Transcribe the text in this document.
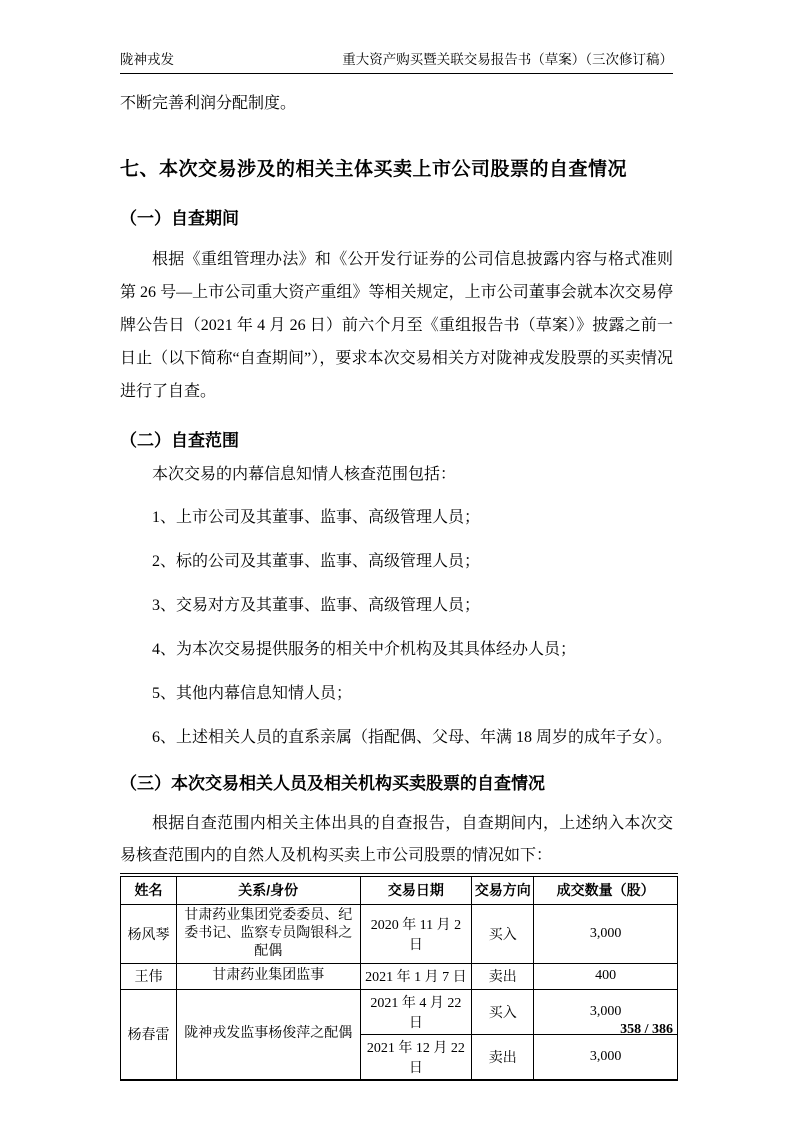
陇神戎发	重大资产购买暨关联交易报告书（草案）（三次修订稿）

不断完善利润分配制度。

七、本次交易涉及的相关主体买卖上市公司股票的自查情况
（一）自查期间

根据《重组管理办法》和《公开发行证券的公司信息披露内容与格式准则第 26 号—上市公司重大资产重组》等相关规定，上市公司董事会就本次交易停牌公告日（2021 年 4 月 26 日）前六个月至《重组报告书（草案）》披露之前一日止（以下简称“自查期间”），要求本次交易相关方对陇神戎发股票的买卖情况进行了自查。

（二）自查范围

本次交易的内幕信息知情人核查范围包括：

1、上市公司及其董事、监事、高级管理人员；

2、标的公司及其董事、监事、高级管理人员；

3、交易对方及其董事、监事、高级管理人员；

4、为本次交易提供服务的相关中介机构及其具体经办人员；

5、其他内幕信息知情人员；

6、上述相关人员的直系亲属（指配偶、父母、年满 18 周岁的成年子女）。

（三）本次交易相关人员及相关机构买卖股票的自查情况

根据自查范围内相关主体出具的自查报告，自查期间内，上述纳入本次交易核查范围内的自然人及机构买卖上市公司股票的情况如下：

姓名	关系/身份	交易日期	交易方向	成交数量（股）
杨风琴	甘肃药业集团党委委员、纪委书记、监察专员陶银科之配偶	2020 年 11 月 2 日	买入	3,000
王伟	甘肃药业集团监事	2021 年 1 月 7 日	卖出	400
杨春雷	陇神戎发监事杨俊萍之配偶	2021 年 4 月 22 日	买入	3,000
		2021 年 12 月 22 日	卖出	3,000
358 / 386
